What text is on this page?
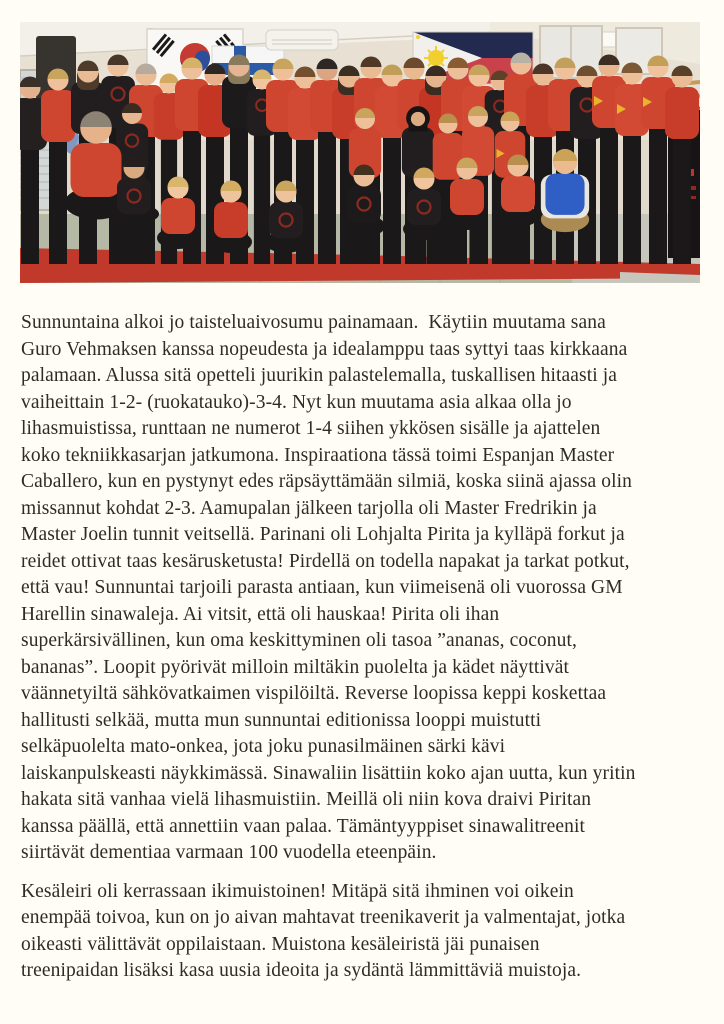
Sunnuntaina alkoi jo taisteluaivosumu painamaan.  Käytiin muutama sana
Guro Vehmaksen kanssa nopeudesta ja idealamppu taas syttyi taas kirkkaana
palamaan. Alussa sitä opetteli juurikin palastelemalla, tuskallisen hitaasti ja
vaiheittain 1-2- (ruokatauko)-3-4. Nyt kun muutama asia alkaa olla jo
lihasmuistissa, runttaan ne numerot 1-4 siihen ykkösen sisälle ja ajattelen
koko tekniikkasarjan jatkumona. Inspiraationa tässä toimi Espanjan Master
Caballero, kun en pystynyt edes räpsäyttämään silmiä, koska siinä ajassa olin
missannut kohdat 2-3. Aamupalan jälkeen tarjolla oli Master Fredrikin ja
Master Joelin tunnit veitsellä. Parinani oli Lohjalta Pirita ja kylläpä forkut ja
reidet ottivat taas kesärusketusta! Pirdellä on todella napakat ja tarkat potkut,
että vau! Sunnuntai tarjoili parasta antiaan, kun viimeisenä oli vuorossa GM
Harellin sinawaleja. Ai vitsit, että oli hauskaa! Pirita oli ihan
superkärsivällinen, kun oma keskittyminen oli tasoa ”ananas, coconut,
bananas”. Loopit pyörivät milloin miltäkin puolelta ja kädet näyttivät
väännetyiltä sähkövatkaimen vispilöiltä. Reverse loopissa keppi koskettaa
hallitusti selkää, mutta mun sunnuntai editionissa looppi muistutti
selkäpuolelta mato-onkea, jota joku punasilmäinen särki kävi
laiskanpulskeasti näykkimässä. Sinawaliin lisättiin koko ajan uutta, kun yritin
hakata sitä vanhaa vielä lihasmuistiin. Meillä oli niin kova draivi Piritan
kanssa päällä, että annettiin vaan palaa. Tämäntyyppiset sinawalitreenit
siirtävät dementiaa varmaan 100 vuodella eteenpäin.

Kesäleiri oli kerrassaan ikimuistoinen! Mitäpä sitä ihminen voi oikein
enempää toivoa, kun on jo aivan mahtavat treenikaverit ja valmentajat, jotka
oikeasti välittävät oppilaistaan. Muistona kesäleiristä jäi punaisen
treenipaidan lisäksi kasa uusia ideoita ja sydäntä lämmittäviä muistoja.
